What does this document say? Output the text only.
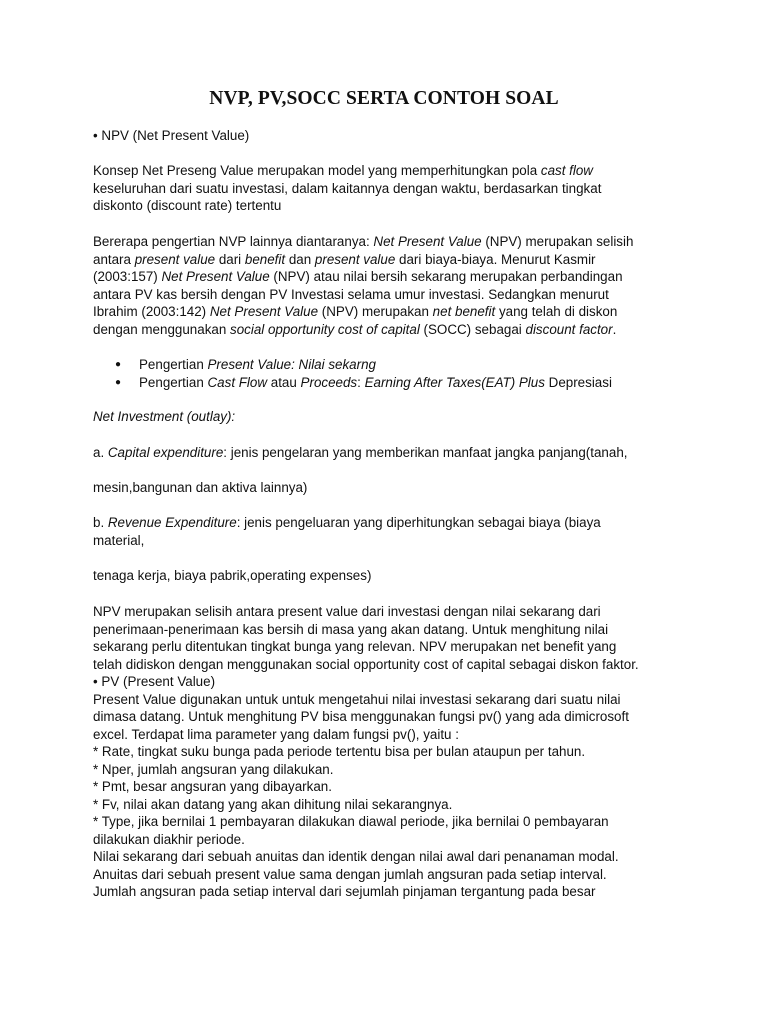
NVP, PV,SOCC SERTA CONTOH SOAL
• NPV (Net Present Value)
Konsep Net Preseng Value merupakan model yang memperhitungkan pola cast flow
keseluruhan dari suatu investasi, dalam kaitannya dengan waktu, berdasarkan tingkat
diskonto (discount rate) tertentu
Bererapa pengertian NVP lainnya diantaranya: Net Present Value (NPV) merupakan selisih
antara present value dari benefit dan present value dari biaya-biaya. Menurut Kasmir
(2003:157) Net Present Value (NPV) atau nilai bersih sekarang merupakan perbandingan
antara PV kas bersih dengan PV Investasi selama umur investasi. Sedangkan menurut
Ibrahim (2003:142) Net Present Value (NPV) merupakan net benefit yang telah di diskon
dengan menggunakan social opportunity cost of capital (SOCC) sebagai discount factor.
● Pengertian Present Value: Nilai sekarng
● Pengertian Cast Flow atau Proceeds: Earning After Taxes(EAT) Plus Depresiasi
Net Investment (outlay):
a. Capital expenditure: jenis pengelaran yang memberikan manfaat jangka panjang(tanah,
mesin,bangunan dan aktiva lainnya)
b. Revenue Expenditure: jenis pengeluaran yang diperhitungkan sebagai biaya (biaya
material,
tenaga kerja, biaya pabrik,operating expenses)
NPV merupakan selisih antara present value dari investasi dengan nilai sekarang dari
penerimaan-penerimaan kas bersih di masa yang akan datang. Untuk menghitung nilai
sekarang perlu ditentukan tingkat bunga yang relevan. NPV merupakan net benefit yang
telah didiskon dengan menggunakan social opportunity cost of capital sebagai diskon faktor.
• PV (Present Value)
Present Value digunakan untuk untuk mengetahui nilai investasi sekarang dari suatu nilai
dimasa datang. Untuk menghitung PV bisa menggunakan fungsi pv() yang ada dimicrosoft
excel. Terdapat lima parameter yang dalam fungsi pv(), yaitu :
* Rate, tingkat suku bunga pada periode tertentu bisa per bulan ataupun per tahun.
* Nper, jumlah angsuran yang dilakukan.
* Pmt, besar angsuran yang dibayarkan.
* Fv, nilai akan datang yang akan dihitung nilai sekarangnya.
* Type, jika bernilai 1 pembayaran dilakukan diawal periode, jika bernilai 0 pembayaran
dilakukan diakhir periode.
Nilai sekarang dari sebuah anuitas dan identik dengan nilai awal dari penanaman modal.
Anuitas dari sebuah present value sama dengan jumlah angsuran pada setiap interval.
Jumlah angsuran pada setiap interval dari sejumlah pinjaman tergantung pada besar
